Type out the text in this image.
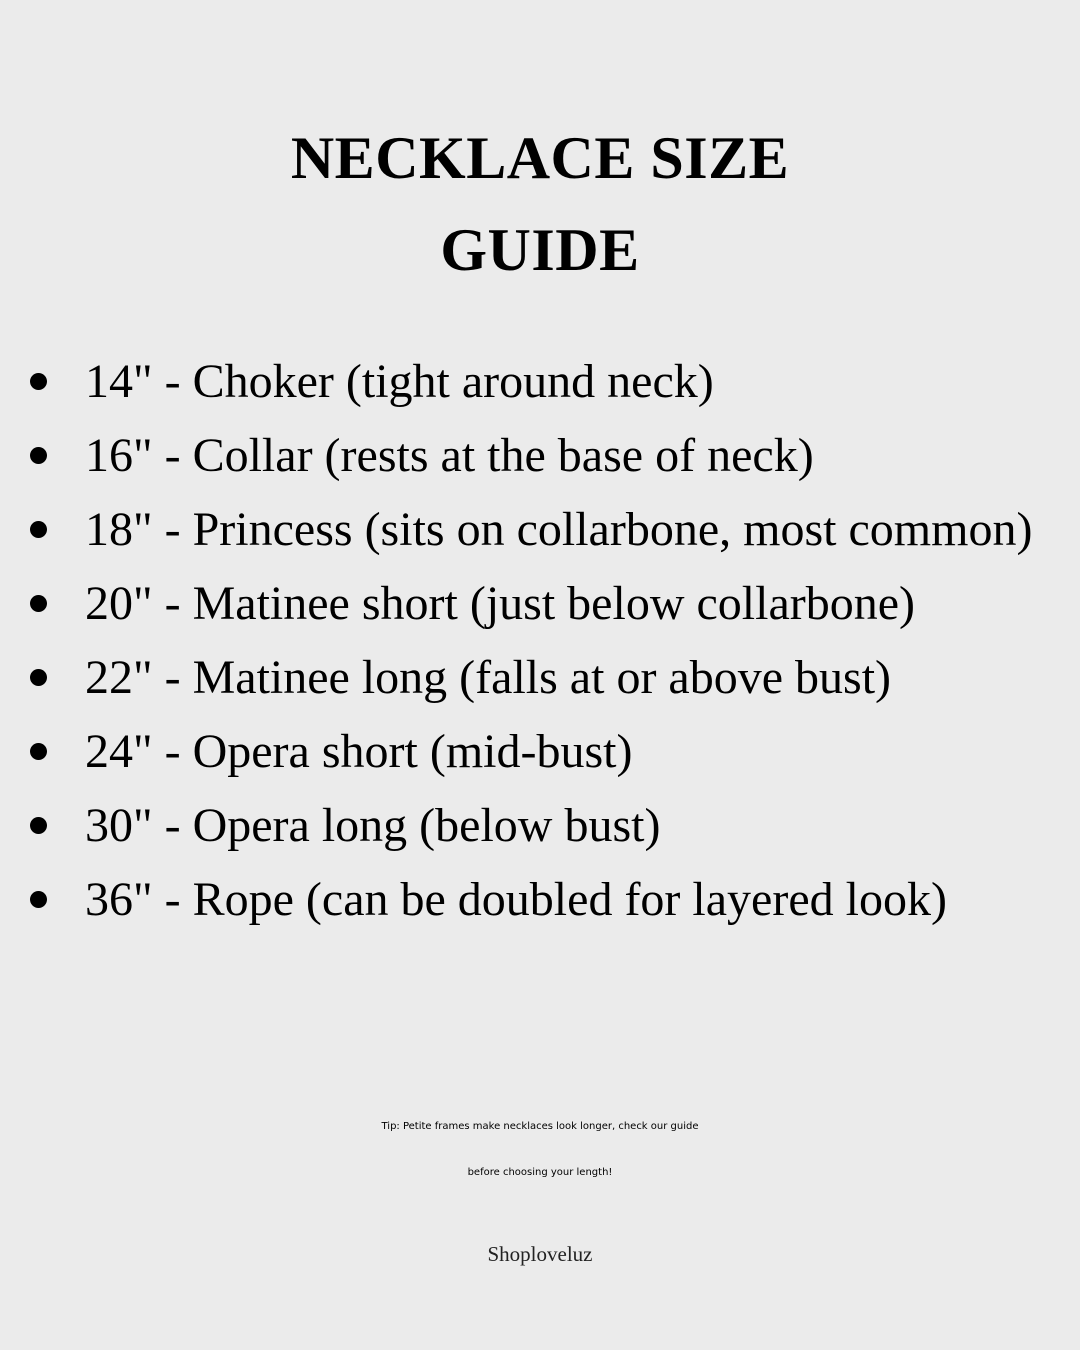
NECKLACE SIZE
GUIDE
14" - Choker (tight around neck)
16" - Collar (rests at the base of neck)
18" - Princess (sits on collarbone, most common)
20" - Matinee short (just below collarbone)
22" - Matinee long (falls at or above bust)
24" - Opera short (mid-bust)
30" - Opera long (below bust)
36" - Rope (can be doubled for layered look)
Tip: Petite frames make necklaces look longer, check our guide
before choosing your length!
Shoploveluz
